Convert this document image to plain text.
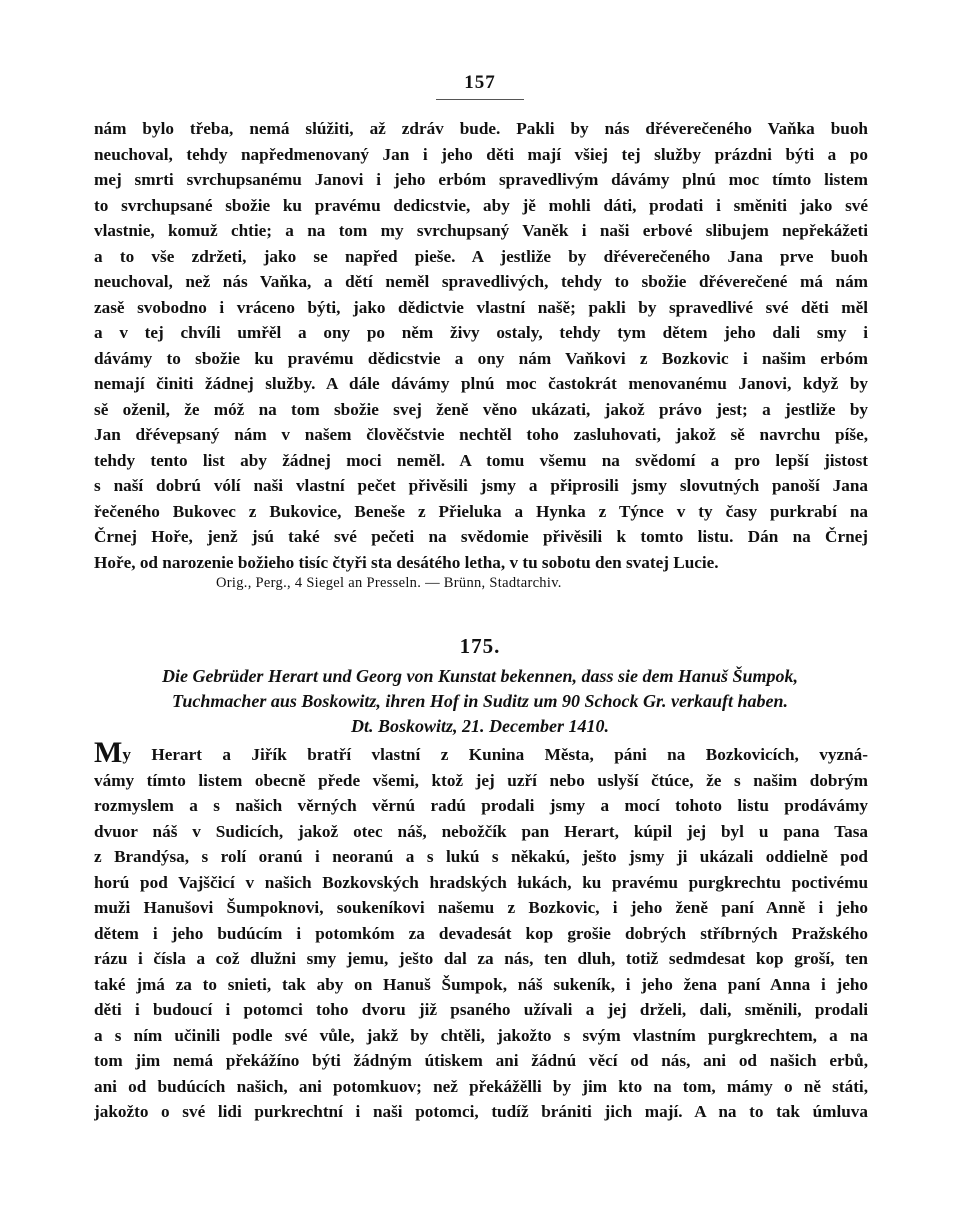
157
nám bylo třeba, nemá slúžiti, až zdráv bude. Pakli by nás dřéverečeného Vaňka buoh
neuchoval, tehdy napředmenovaný Jan i jeho děti mají všiej tej služby prázdni býti a po
mej smrti svrchupsanému Janovi i jeho erbóm spravedlivým dávámy plnú moc tímto listem
to svrchupsané sbožie ku pravému dedicstvie, aby jě mohli dáti, prodati i směniti jako své
vlastnie, komuž chtie; a na tom my svrchupsaný Vaněk i naši erbové slibujem nepřekážeti
a to vše zdržeti, jako se napřed pieše. A jestliže by dřéverečeného Jana prve buoh
neuchoval, než nás Vaňka, a dětí neměl spravedlivých, tehdy to sbožie dřéverečené má nám
zasě svobodno i vráceno býti, jako dědictvie vlastní našě; pakli by spravedlivé své děti měl
a v tej chvíli umřěl a ony po něm živy ostaly, tehdy tym dětem jeho dali smy i
dávámy to sbožie ku pravému dědicstvie a ony nám Vaňkovi z Bozkovic i našim erbóm
nemají činiti žádnej služby. A dále dávámy plnú moc častokrát menovanému Janovi, když by
sě oženil, že móž na tom sbožie svej ženě věno ukázati, jakož právo jest; a jestliže by
Jan dřévepsaný nám v našem člověčstvie nechtěl toho zasluhovati, jakož sě navrchu píše,
tehdy tento list aby žádnej moci neměl. A tomu všemu na svědomí a pro lepší jistost
s naší dobrú vólí naši vlastní pečet přivěsili jsmy a připrosili jsmy slovutných panoší Jana
řečeného Bukovec z Bukovice, Beneše z Přieluka a Hynka z Týnce v ty časy purkrabí na
Črnej Hoře, jenž jsú také své pečeti na svědomie přivěsili k tomto listu. Dán na Črnej
Hoře, od narozenie božieho tisíc čtyři sta desátého letha, v tu sobotu den svatej Lucie.
Orig., Perg., 4 Siegel an Presseln. — Brünn, Stadtarchiv.
175.
Die Gebrüder Herart und Georg von Kunstat bekennen, dass sie dem Hanuš Šumpok,
Tuchmacher aus Boskowitz, ihren Hof in Suditz um 90 Schock Gr. verkauft haben.
Dt. Boskowitz, 21. December 1410.
My Herart a Jiřík bratří vlastní z Kunina Města, páni na Bozkovicích, vyzná-
vámy tímto listem obecně přede všemi, ktož jej uzří nebo uslyší čtúce, že s našim dobrým
rozmyslem a s našich věrných věrnú radú prodali jsmy a mocí tohoto listu prodávámy
dvuor náš v Sudicích, jakož otec náš, nebožčík pan Herart, kúpil jej byl u pana Tasa
z Brandýsa, s rolí oranú i neoranú a s lukú s někakú, ješto jsmy ji ukázali oddielně pod
horú pod Vajščicí v našich Bozkovských hradských łukách, ku pravému purgkrechtu poctivému
muži Hanušovi Šumpoknovi, soukeníkovi našemu z Bozkovic, i jeho ženě paní Anně i jeho
dětem i jeho budúcím i potomkóm za devadesát kop grošie dobrých stříbrných Pražského
rázu i čísla a což dlužni smy jemu, ješto dal za nás, ten dluh, totiž sedmdesat kop groší, ten
také jmá za to snieti, tak aby on Hanuš Šumpok, náš sukeník, i jeho žena paní Anna i jeho
děti i budoucí i potomci toho dvoru již psaného užívali a jej drželi, dali, směnili, prodali
a s ním učinili podle své vůle, jakž by chtěli, jakožto s svým vlastním purgkrechtem, a na
tom jim nemá překážíno býti žádným útiskem ani žádnú věcí od nás, ani od našich erbů,
ani od budúcích našich, ani potomkuov; než překážělli by jim kto na tom, mámy o ně státi,
jakožto o své lidi purkrechtní i naši potomci, tudíž brániti jich mají. A na to tak úmluva
